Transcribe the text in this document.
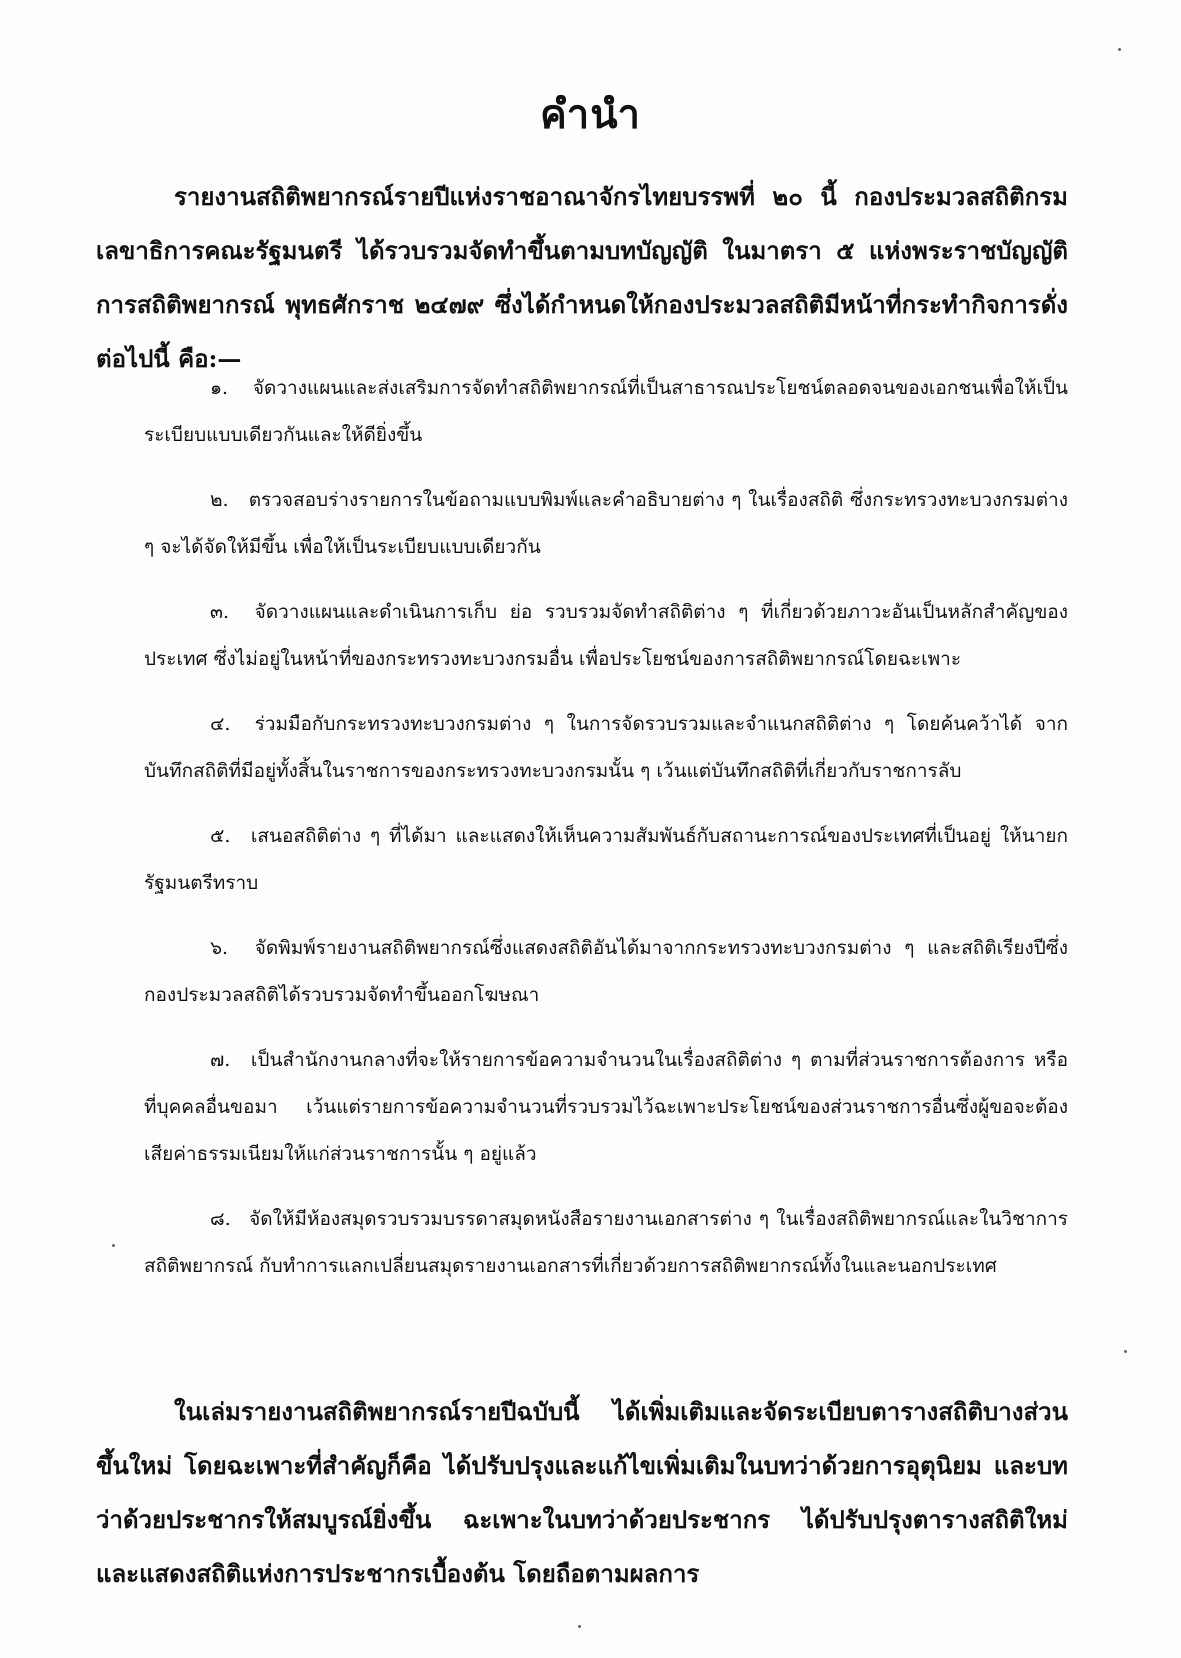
คำนำ

รายงานสถิติพยากรณ์รายปีแห่งราชอาณาจักรไทยบรรพที่ ๒๐ นี้ กองประมวลสถิติกรมเลขาธิการคณะรัฐมนตรี ได้รวบรวมจัดทำขึ้นตามบทบัญญัติ ในมาตรา ๕ แห่งพระราชบัญญัติการสถิติพยากรณ์ พุทธศักราช ๒๔๗๙ ซึ่งได้กำหนดให้กองประมวลสถิติมีหน้าที่กระทำกิจการดั่งต่อไปนี้ คือ:—

๑. จัดวางแผนและส่งเสริมการจัดทำสถิติพยากรณ์ที่เป็นสาธารณประโยชน์ตลอดจนของเอกชนเพื่อให้เป็นระเบียบแบบเดียวกันและให้ดียิ่งขึ้น
๒. ตรวจสอบร่างรายการในข้อถามแบบพิมพ์และคำอธิบายต่าง ๆ ในเรื่องสถิติ ซึ่งกระทรวงทะบวงกรมต่าง ๆ จะได้จัดให้มีขึ้น เพื่อให้เป็นระเบียบแบบเดียวกัน
๓. จัดวางแผนและดำเนินการเก็บ ย่อ รวบรวมจัดทำสถิติต่าง ๆ ที่เกี่ยวด้วยภาวะอันเป็นหลักสำคัญของประเทศ ซึ่งไม่อยู่ในหน้าที่ของกระทรวงทะบวงกรมอื่น เพื่อประโยชน์ของการสถิติพยากรณ์โดยฉะเพาะ
๔. ร่วมมือกับกระทรวงทะบวงกรมต่าง ๆ ในการจัดรวบรวมและจำแนกสถิติต่าง ๆ โดยค้นคว้าได้ จากบันทึกสถิติที่มีอยู่ทั้งสิ้นในราชการของกระทรวงทะบวงกรมนั้น ๆ เว้นแต่บันทึกสถิติที่เกี่ยวกับราชการลับ
๕. เสนอสถิติต่าง ๆ ที่ได้มา และแสดงให้เห็นความสัมพันธ์กับสถานะการณ์ของประเทศที่เป็นอยู่ ให้นายกรัฐมนตรีทราบ
๖. จัดพิมพ์รายงานสถิติพยากรณ์ซึ่งแสดงสถิติอันได้มาจากกระทรวงทะบวงกรมต่าง ๆ และสถิติเรียงปีซึ่งกองประมวลสถิติได้รวบรวมจัดทำขึ้นออกโฆษณา
๗. เป็นสำนักงานกลางที่จะให้รายการข้อความจำนวนในเรื่องสถิติต่าง ๆ ตามที่ส่วนราชการต้องการ หรือที่บุคคลอื่นขอมา เว้นแต่รายการข้อความจำนวนที่รวบรวมไว้ฉะเพาะประโยชน์ของส่วนราชการอื่นซึ่งผู้ขอจะต้องเสียค่าธรรมเนียมให้แก่ส่วนราชการนั้น ๆ อยู่แล้ว
๘. จัดให้มีห้องสมุดรวบรวมบรรดาสมุดหนังสือรายงานเอกสารต่าง ๆ ในเรื่องสถิติพยากรณ์และในวิชาการสถิติพยากรณ์ กับทำการแลกเปลี่ยนสมุดรายงานเอกสารที่เกี่ยวด้วยการสถิติพยากรณ์ทั้งในและนอกประเทศ

ในเล่มรายงานสถิติพยากรณ์รายปีฉบับนี้ ได้เพิ่มเติมและจัดระเบียบตารางสถิติบางส่วนขึ้นใหม่ โดยฉะเพาะที่สำคัญก็คือ ได้ปรับปรุงและแก้ไขเพิ่มเติมในบทว่าด้วยการอุตุนิยม และบทว่าด้วยประชากรให้สมบูรณ์ยิ่งขึ้น ฉะเพาะในบทว่าด้วยประชากร ได้ปรับปรุงตารางสถิติใหม่ และแสดงสถิติแห่งการประชากรเบื้องต้น โดยถือตามผลการ
